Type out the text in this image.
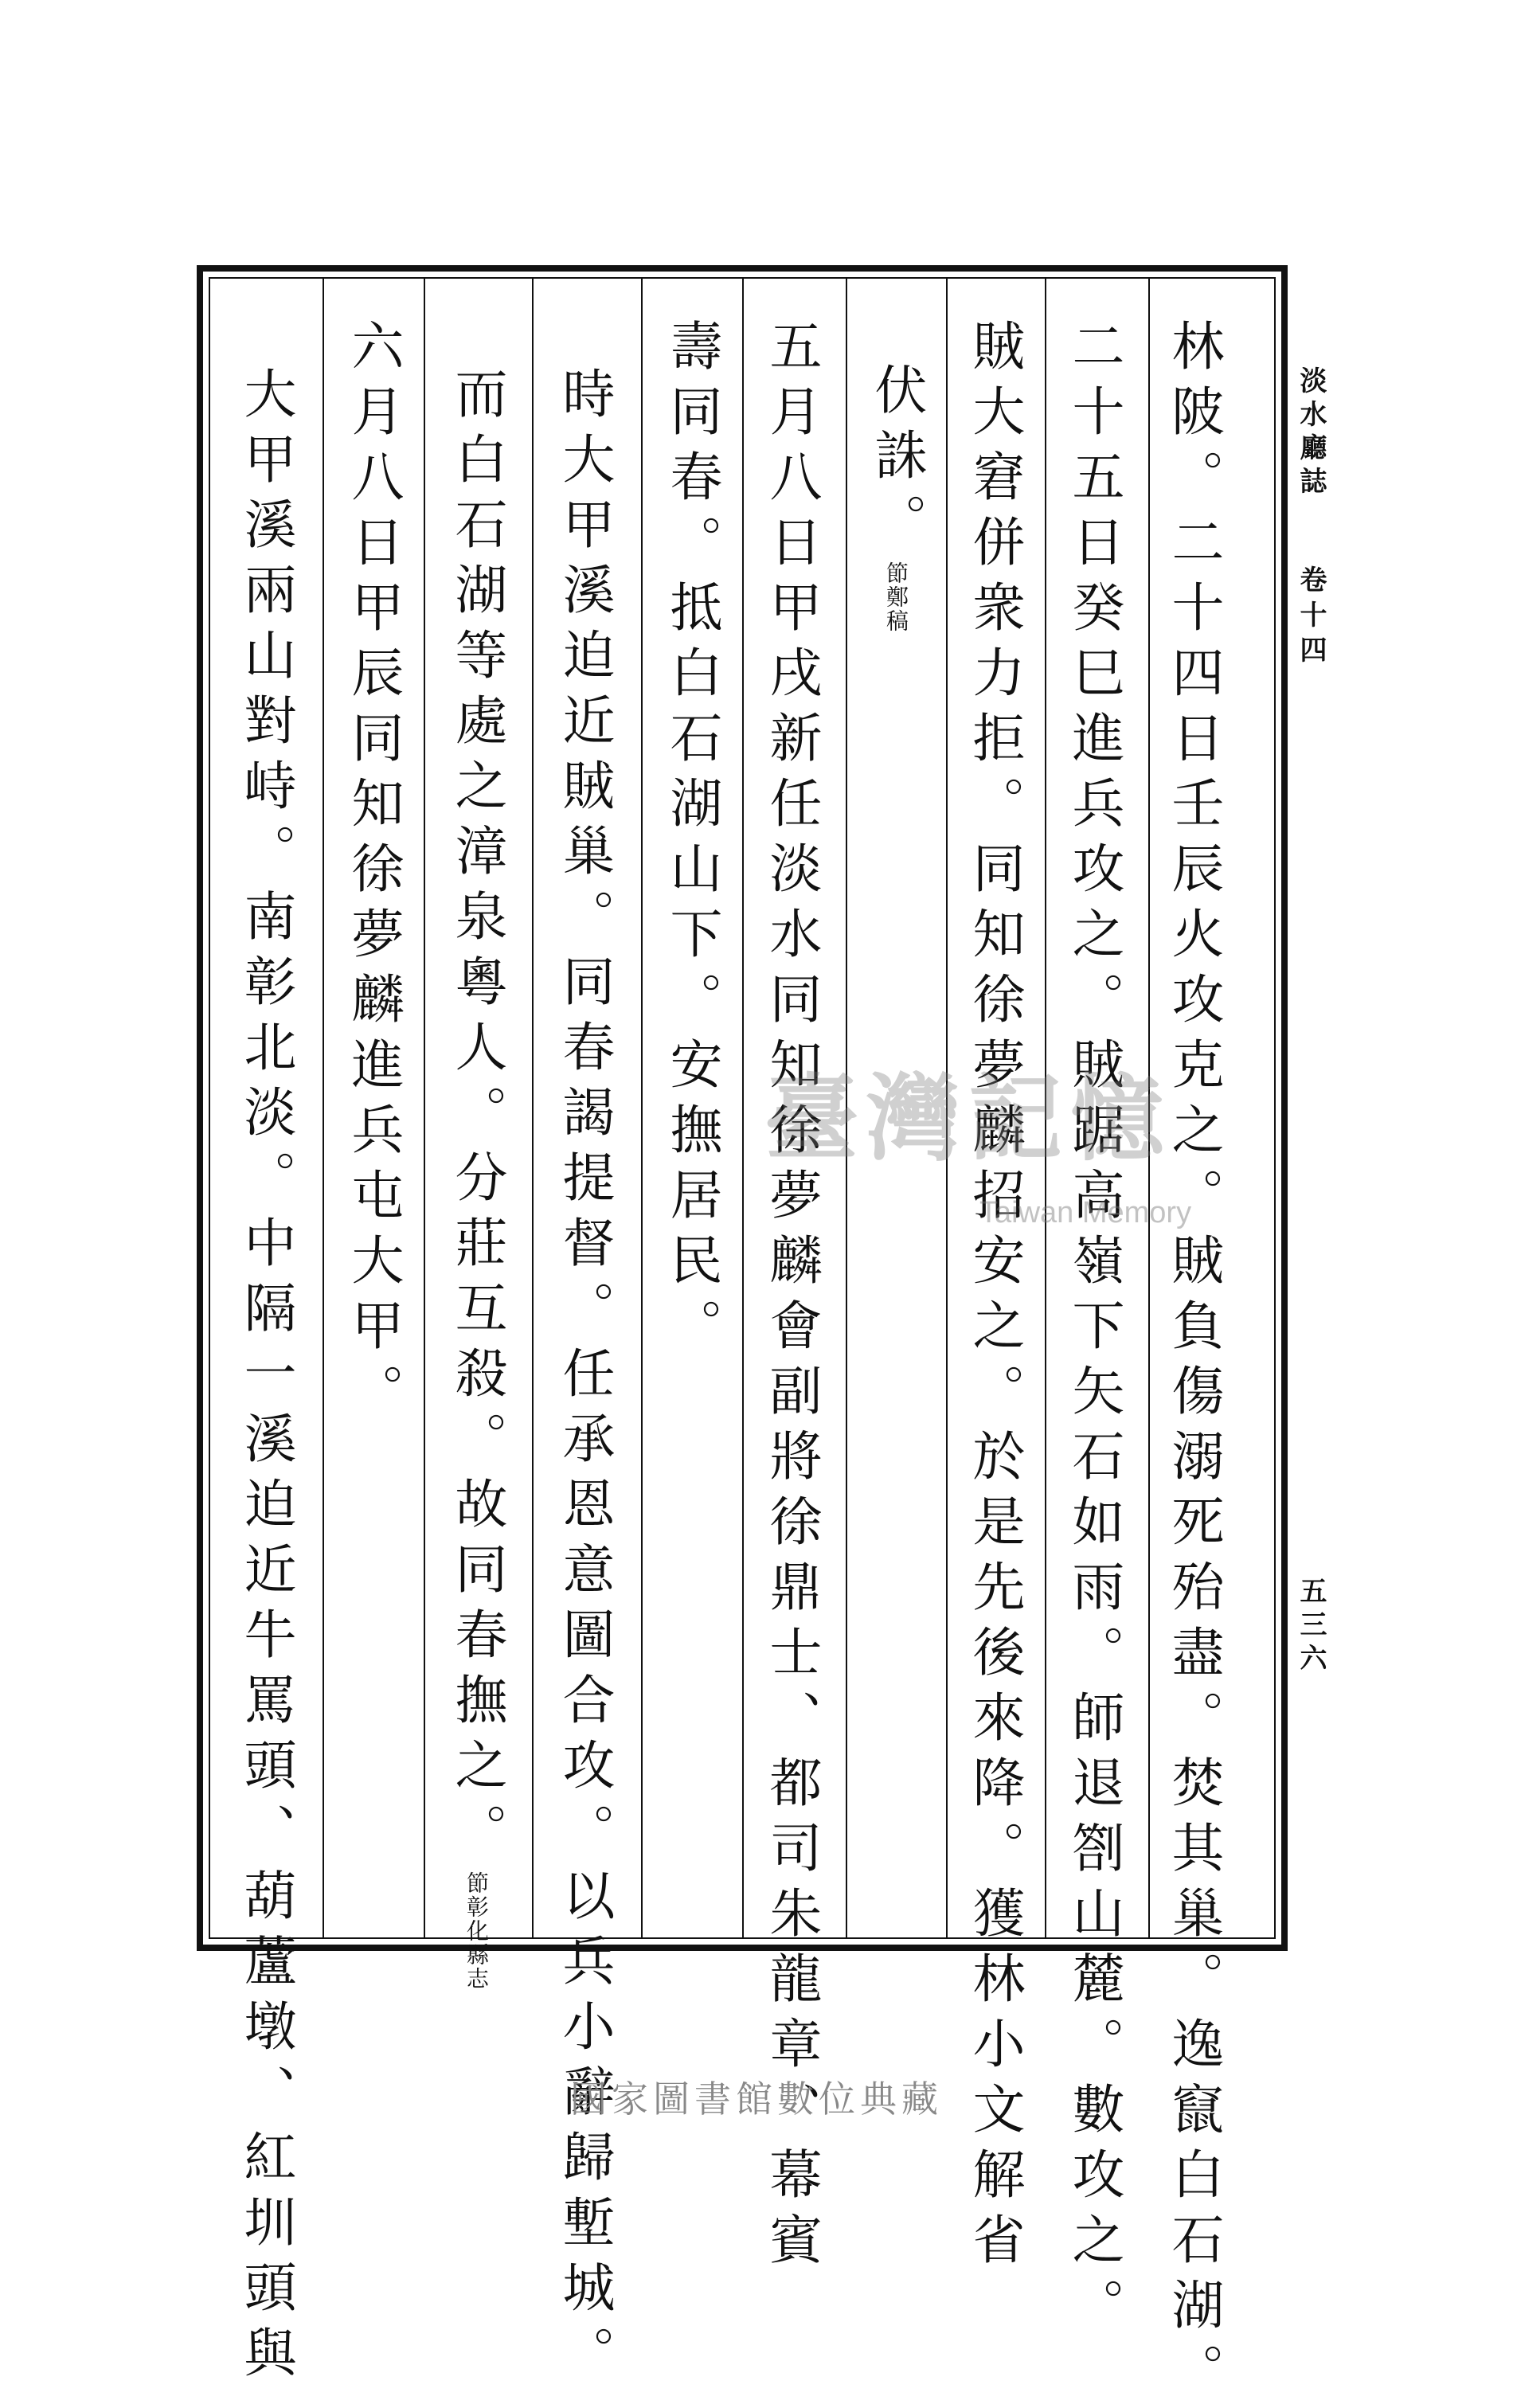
林陂。二十四日壬辰火攻克之。賊負傷溺死殆盡。焚其巢。逸竄白石湖。
二十五日癸巳進兵攻之。賊踞高嶺下矢石如雨。師退劄山麓。數攻之。
賊大窘併衆力拒。同知徐夢麟招安之。於是先後來降。獲林小文解省
伏誅。節鄭稿
五月八日甲戌新任淡水同知徐夢麟會副將徐鼎士、都司朱龍章、幕賓
壽同春。抵白石湖山下。安撫居民。
時大甲溪迫近賊巢。同春謁提督。任承恩意圖合攻。以兵小辭歸塹城。
而白石湖等處之漳泉粵人。分莊互殺。故同春撫之。節彰化縣志
六月八日甲辰同知徐夢麟進兵屯大甲。
大甲溪兩山對峙。南彰北淡。中隔一溪迫近牛罵頭、葫蘆墩、紅圳頭與	淡水廳誌
卷十四
五三六
臺灣記憶
Taiwan Memory
國家圖書館數位典藏
